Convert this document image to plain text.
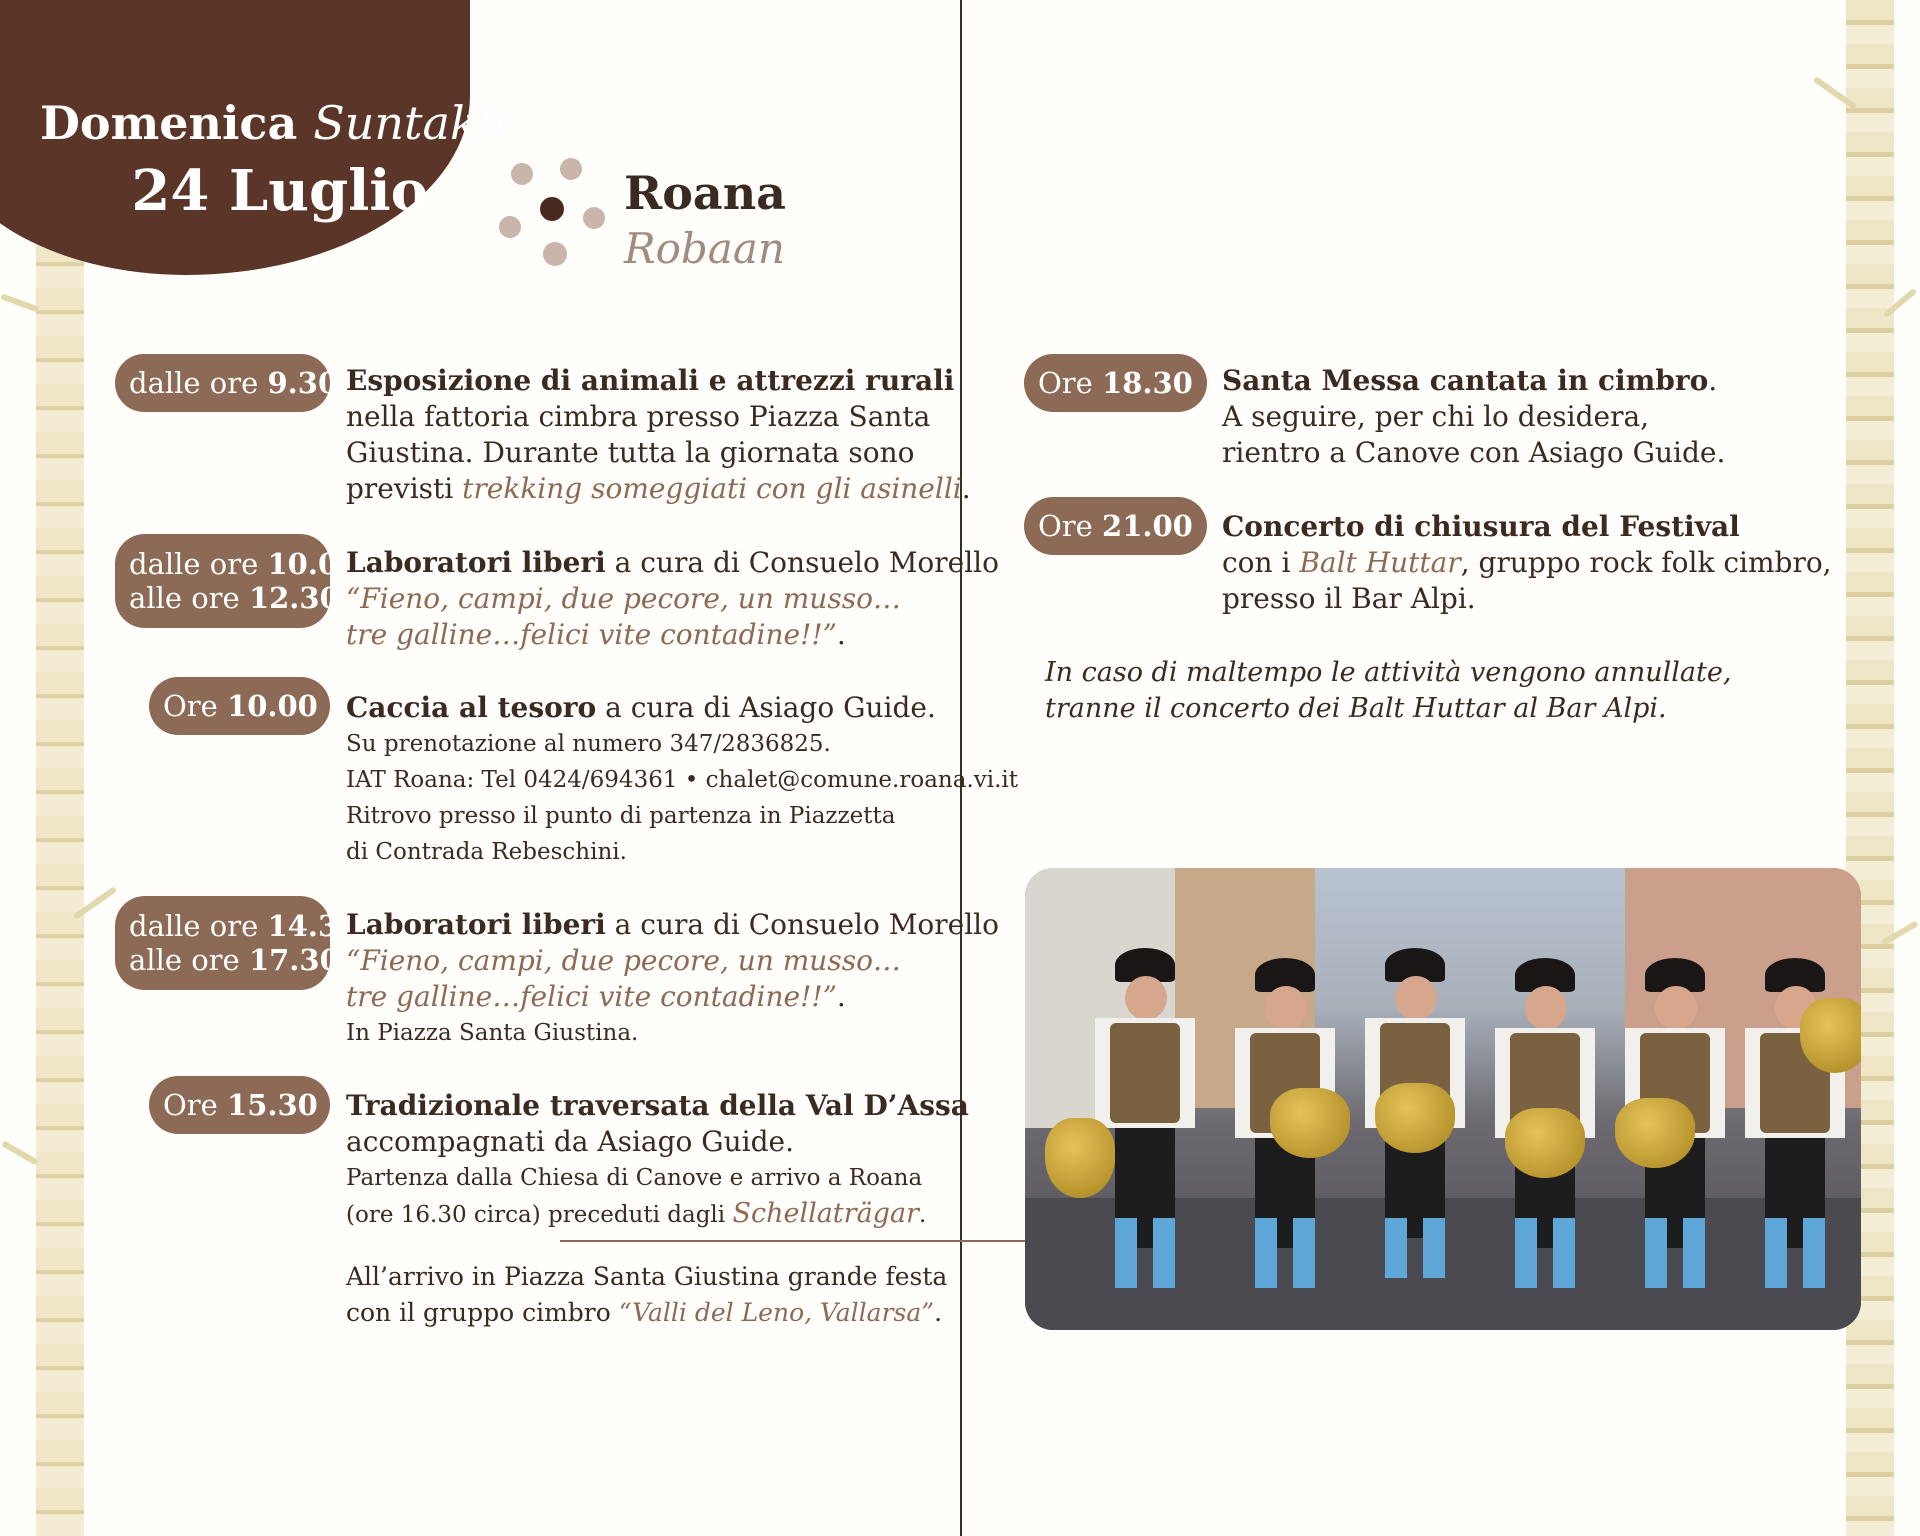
Domenica Suntakh
24 Luglio	Roana
Robaan
dalle ore 9.30 Esposizione di animali e attrezzi rurali
nella fattoria cimbra presso Piazza Santa
Giustina. Durante tutta la giornata sono
previsti trekking someggiati con gli asinelli.
dalle ore 10.00
alle ore 12.30
Laboratori liberi a cura di Consuelo Morello
“Fieno, campi, due pecore, un musso…
tre galline…felici vite contadine!!”.
Ore 10.00 Caccia al tesoro a cura di Asiago Guide.
Su prenotazione al numero 347/2836825.
IAT Roana: Tel 0424/694361 • chalet@comune.roana.vi.it
Ritrovo presso il punto di partenza in Piazzetta
di Contrada Rebeschini.
dalle ore 14.30
alle ore 17.30
Laboratori liberi a cura di Consuelo Morello
“Fieno, campi, due pecore, un musso…
tre galline…felici vite contadine!!”.
In Piazza Santa Giustina.
Ore 15.30 Tradizionale traversata della Val D’Assa
accompagnati da Asiago Guide.
Partenza dalla Chiesa di Canove e arrivo a Roana
(ore 16.30 circa) preceduti dagli Schellaträgar.
All’arrivo in Piazza Santa Giustina grande festa
con il gruppo cimbro “Valli del Leno, Vallarsa”.
Ore 18.30 Santa Messa cantata in cimbro.
A seguire, per chi lo desidera,
rientro a Canove con Asiago Guide.
Ore 21.00 Concerto di chiusura del Festival
con i Balt Huttar, gruppo rock folk cimbro,
presso il Bar Alpi.
In caso di maltempo le attività vengono annullate,
tranne il concerto dei Balt Huttar al Bar Alpi.
